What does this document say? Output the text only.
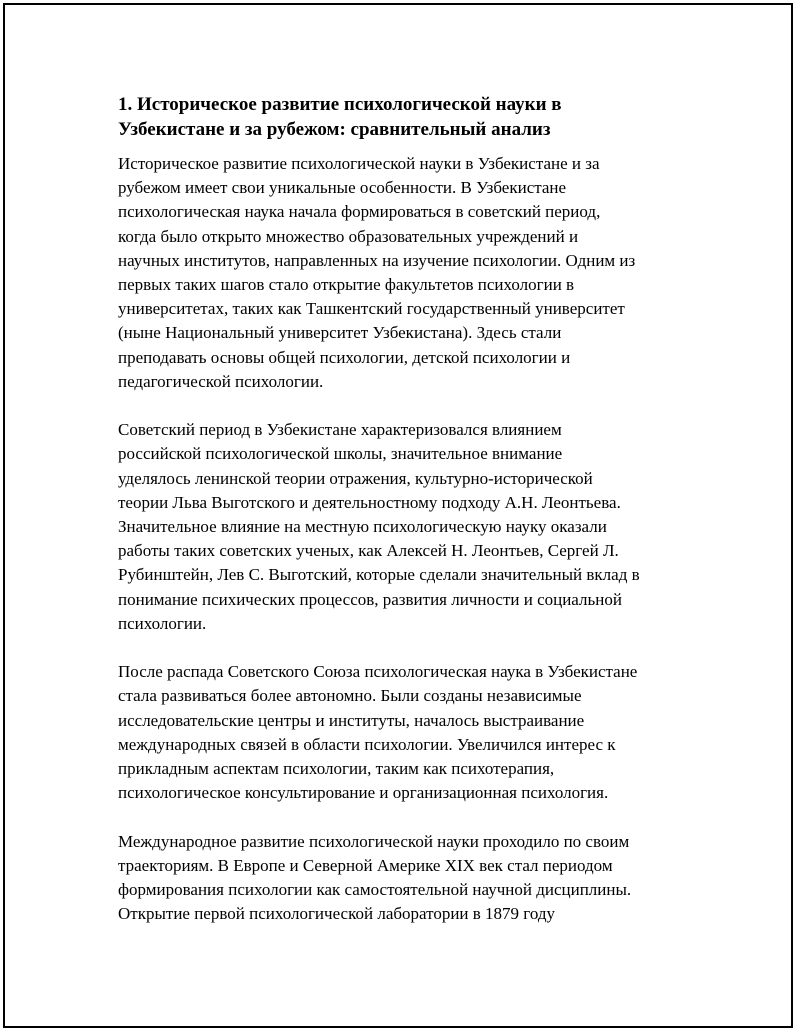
1. Историческое развитие психологической науки в
Узбекистане и за рубежом: сравнительный анализ

Историческое развитие психологической науки в Узбекистане и за
рубежом имеет свои уникальные особенности. В Узбекистане
психологическая наука начала формироваться в советский период,
когда было открыто множество образовательных учреждений и
научных институтов, направленных на изучение психологии. Одним из
первых таких шагов стало открытие факультетов психологии в
университетах, таких как Ташкентский государственный университет
(ныне Национальный университет Узбекистана). Здесь стали
преподавать основы общей психологии, детской психологии и
педагогической психологии.

Советский период в Узбекистане характеризовался влиянием
российской психологической школы, значительное внимание
уделялось ленинской теории отражения, культурно-исторической
теории Льва Выготского и деятельностному подходу А.Н. Леонтьева.
Значительное влияние на местную психологическую науку оказали
работы таких советских ученых, как Алексей Н. Леонтьев, Сергей Л.
Рубинштейн, Лев С. Выготский, которые сделали значительный вклад в
понимание психических процессов, развития личности и социальной
психологии.

После распада Советского Союза психологическая наука в Узбекистане
стала развиваться более автономно. Были созданы независимые
исследовательские центры и институты, началось выстраивание
международных связей в области психологии. Увеличился интерес к
прикладным аспектам психологии, таким как психотерапия,
психологическое консультирование и организационная психология.

Международное развитие психологической науки проходило по своим
траекториям. В Европе и Северной Америке XIX век стал периодом
формирования психологии как самостоятельной научной дисциплины.
Открытие первой психологической лаборатории в 1879 году
